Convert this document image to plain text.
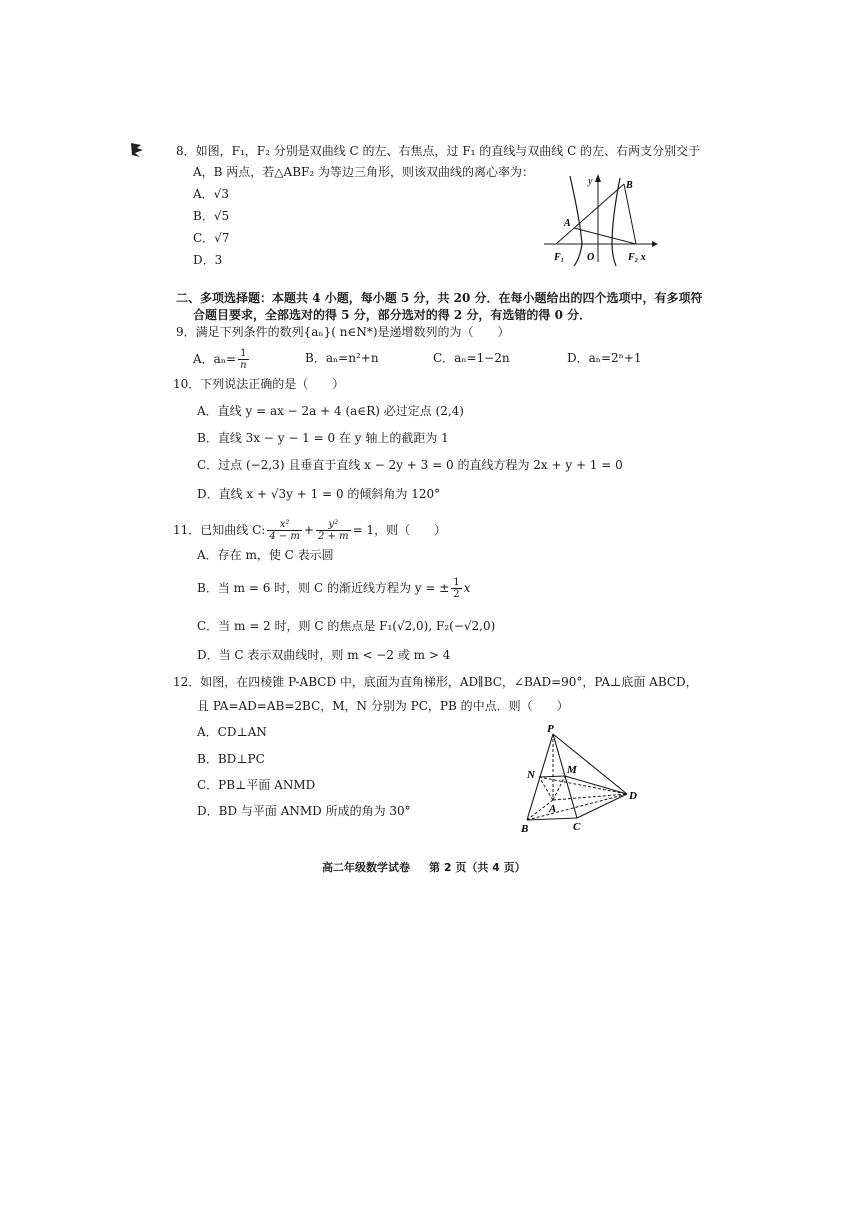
8．如图，F₁，F₂ 分别是双曲线 C 的左、右焦点，过 F₁ 的直线与双曲线 C 的左、右两支分别交于
A，B 两点，若△ABF₂ 为等边三角形，则该双曲线的离心率为：
A．√3
B．√5
C．√7
D．3
y	B
A
F₁ O	F₂ x
二、多项选择题：本题共 4 小题，每小题 5 分，共 20 分．在每小题给出的四个选项中，有多项符
合题目要求，全部选对的得 5 分，部分选对的得 2 分，有选错的得 0 分．
9．满足下列条件的数列{aₙ}( n∈N*)是递增数列的为（　　）
A．$a_n= \frac{1}{n}$	B．aₙ=n²+n	C．aₙ=1−2n	D．aₙ=2ⁿ+1
10．下列说法正确的是（　　）
A．直线 y = ax − 2a + 4 (a∈R) 必过定点 (2,4)
B．直线 3x − y − 1 = 0 在 y 轴上的截距为 1
C．过点 (−2,3) 且垂直于直线 x − 2y + 3 = 0 的直线方程为 2x + y + 1 = 0
D．直线 x + √3y + 1 = 0 的倾斜角为 120°
11．已知曲线 C: $\frac{\text{x²}}{4 - m} + \frac{\text{y²}}{2 + m} = 1$，则（　　）
A．存在 m，使 C 表示圆
B．当 m = 6 时，则 C 的渐近线方程为 y = ± $\frac{1}{2}$ x
C．当 m = 2 时，则 C 的焦点是 F₁(√2,0), F₂(−√2,0)
D．当 C 表示双曲线时，则 m < −2 或 m > 4
12．如图，在四棱锥 P-ABCD 中，底面为直角梯形，AD∥BC，∠BAD=90°，PA⊥底面 ABCD，
且 PA=AD=AB=2BC，M，N 分别为 PC，PB 的中点．则（　　）
A．CD⊥AN
B．BD⊥PC
C．PB⊥平面 ANMD
D．BD 与平面 ANMD 所成的角为 30°
P
N	M
A
D
B	C
高二年级数学试卷 第 2 页（共 4 页）
